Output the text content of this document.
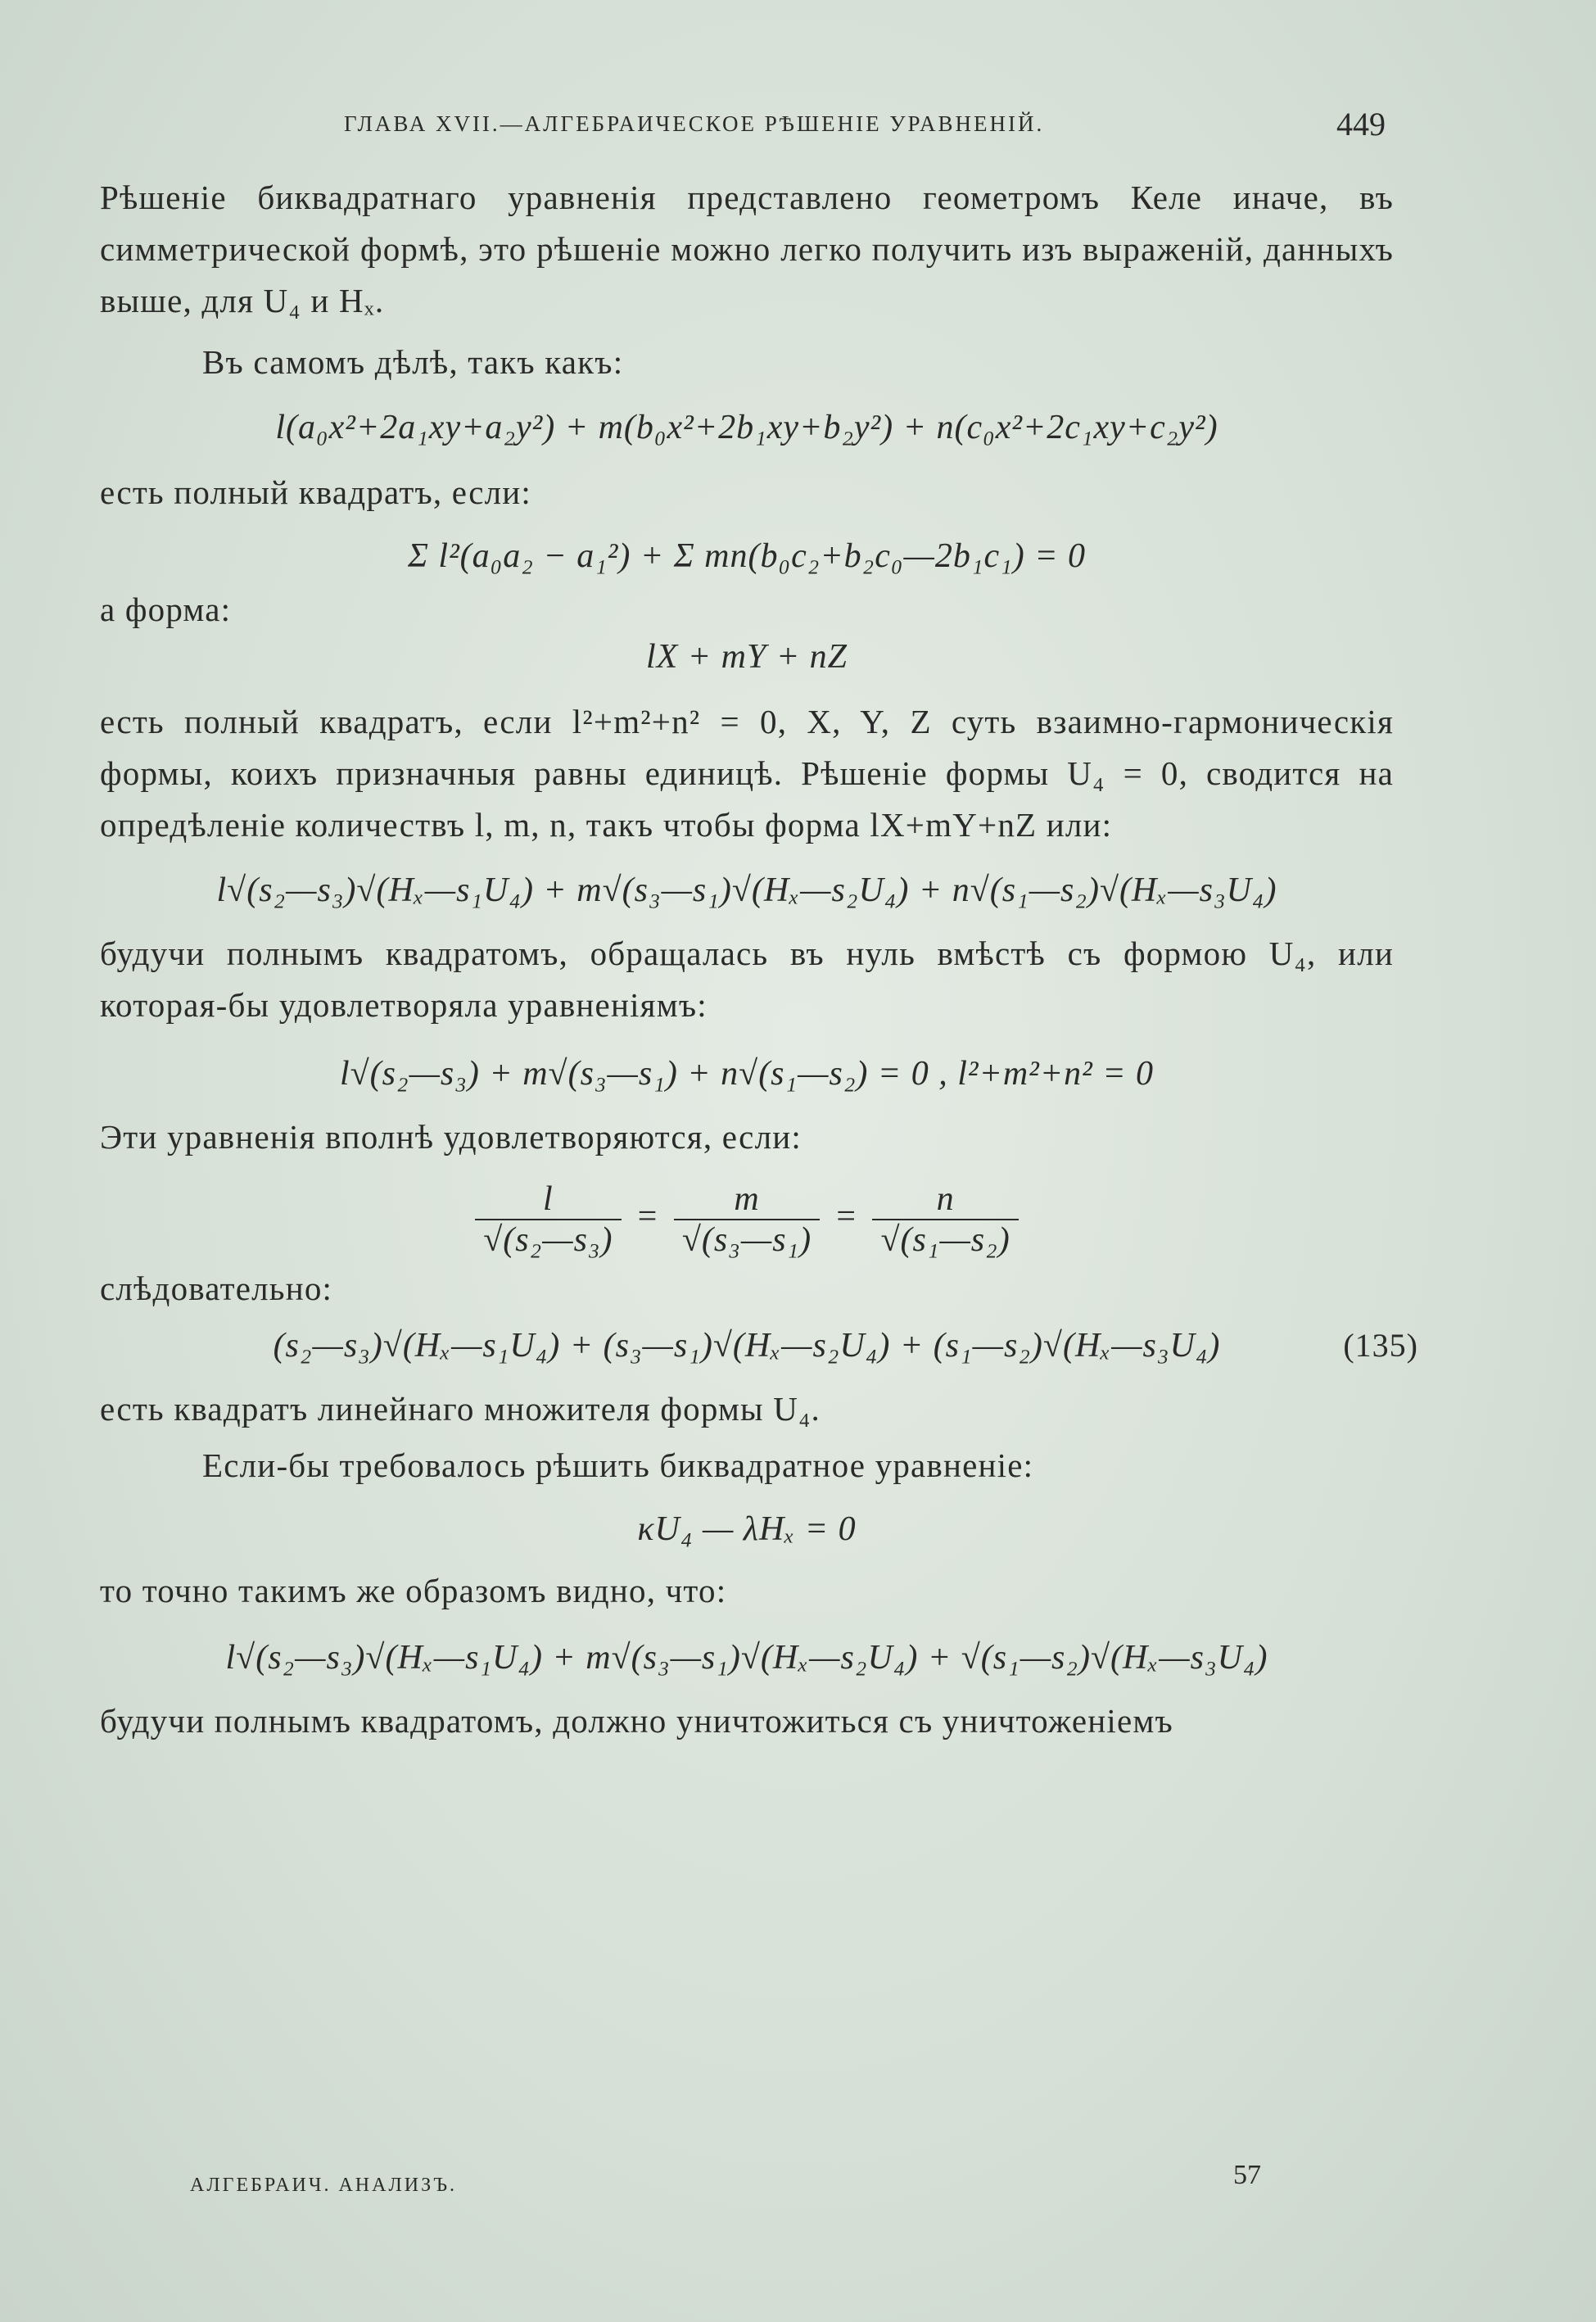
ГЛАВА XVII.—АЛГЕБРАИЧЕСКОЕ РѢШЕНІЕ УРАВНЕНІЙ.	449

Рѣшеніе биквадратнаго уравненія представлено геометромъ Келе иначе, въ симметрической формѣ, это рѣшеніе можно легко получить изъ выраженій, данныхъ выше, для U₄ и Hₓ.

Въ самомъ дѣлѣ, такъ какъ:

l(a₀x²+2a₁xy+a₂y²) + m(b₀x²+2b₁xy+b₂y²) + n(c₀x²+2c₁xy+c₂y²)

есть полный квадратъ, если:

Σ l²(a₀a₂ − a₁²) + Σ mn(b₀c₂+b₂c₀—2b₁c₁) = 0

а форма:

lX + mY + nZ

есть полный квадратъ, если l²+m²+n² = 0, X, Y, Z суть взаимно-гармоническія формы, коихъ призначныя равны единицѣ. Рѣшеніе формы U₄ = 0, сводится на опредѣленіе количествъ l, m, n, такъ чтобы форма lX+mY+nZ или:

l√(s₂—s₃)√(Hₓ—s₁U₄) + m√(s₃—s₁)√(Hₓ—s₂U₄) + n√(s₁—s₂)√(Hₓ—s₃U₄)

будучи полнымъ квадратомъ, обращалась въ нуль вмѣстѣ съ формою U₄, или которая-бы удовлетворяла уравненіямъ:

l√(s₂—s₃) + m√(s₃—s₁) + n√(s₁—s₂) = 0 , l²+m²+n² = 0

Эти уравненія вполнѣ удовлетворяются, если:

$\frac{l}{\text{√(s₂—s₃)}} = \frac{m}{\text{√(s₃—s₁)}} = \frac{n}{\text{√(s₁—s₂)}}$

слѣдовательно:

(s₂—s₃)√(Hₓ—s₁U₄) + (s₃—s₁)√(Hₓ—s₂U₄) + (s₁—s₂)√(Hₓ—s₃U₄)	(135)

есть квадратъ линейнаго множителя формы U₄.

Если-бы требовалось рѣшить биквадратное уравненіе:

κU₄ — λHₓ = 0

то точно такимъ же образомъ видно, что:

l√(s₂—s₃)√(Hₓ—s₁U₄) + m√(s₃—s₁)√(Hₓ—s₂U₄) + √(s₁—s₂)√(Hₓ—s₃U₄)

будучи полнымъ квадратомъ, должно уничтожиться съ уничтоженіемъ

АЛГЕБРАИЧ. АНАЛИЗЪ.	57
